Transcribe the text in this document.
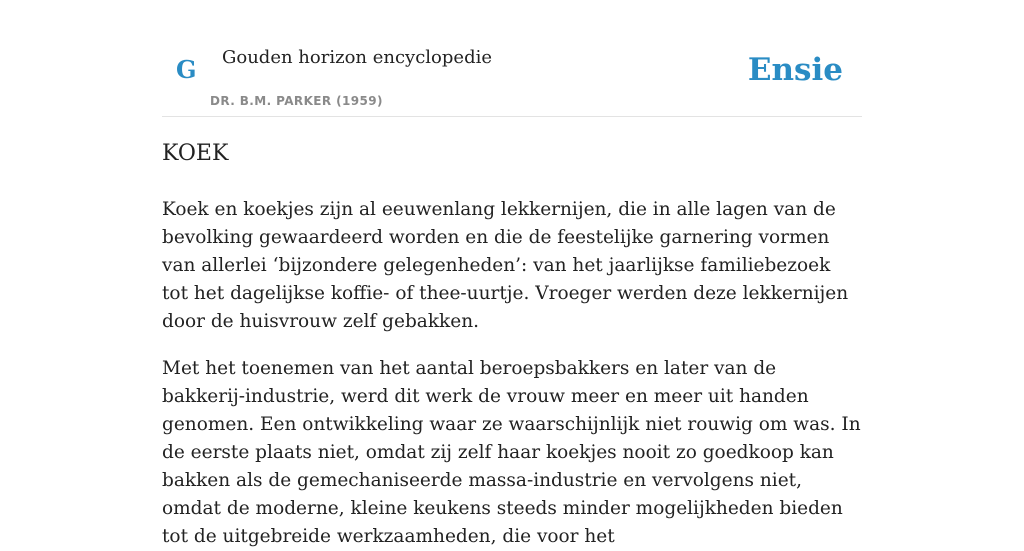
G Gouden horizon encyclopedie
DR. B.M. PARKER (1959)
Ensie
KOEK

Koek en koekjes zijn al eeuwenlang lekkernijen, die in alle lagen van de bevolking gewaardeerd worden en die de feestelijke garnering vormen van allerlei ‘bijzondere gelegenheden’: van het jaarlijkse familiebezoek tot het dagelijkse koffie- of thee-uurtje. Vroeger werden deze lekkernijen door de huisvrouw zelf gebakken.

Met het toenemen van het aantal beroepsbakkers en later van de bakkerij-industrie, werd dit werk de vrouw meer en meer uit handen genomen. Een ontwikkeling waar ze waarschijnlijk niet rouwig om was. In de eerste plaats niet, omdat zij zelf haar koekjes nooit zo goedkoop kan bakken als de gemechaniseerde massa-industrie en vervolgens niet, omdat de moderne, kleine keukens steeds minder mogelijkheden bieden tot de uitgebreide werkzaamheden, die voor het
